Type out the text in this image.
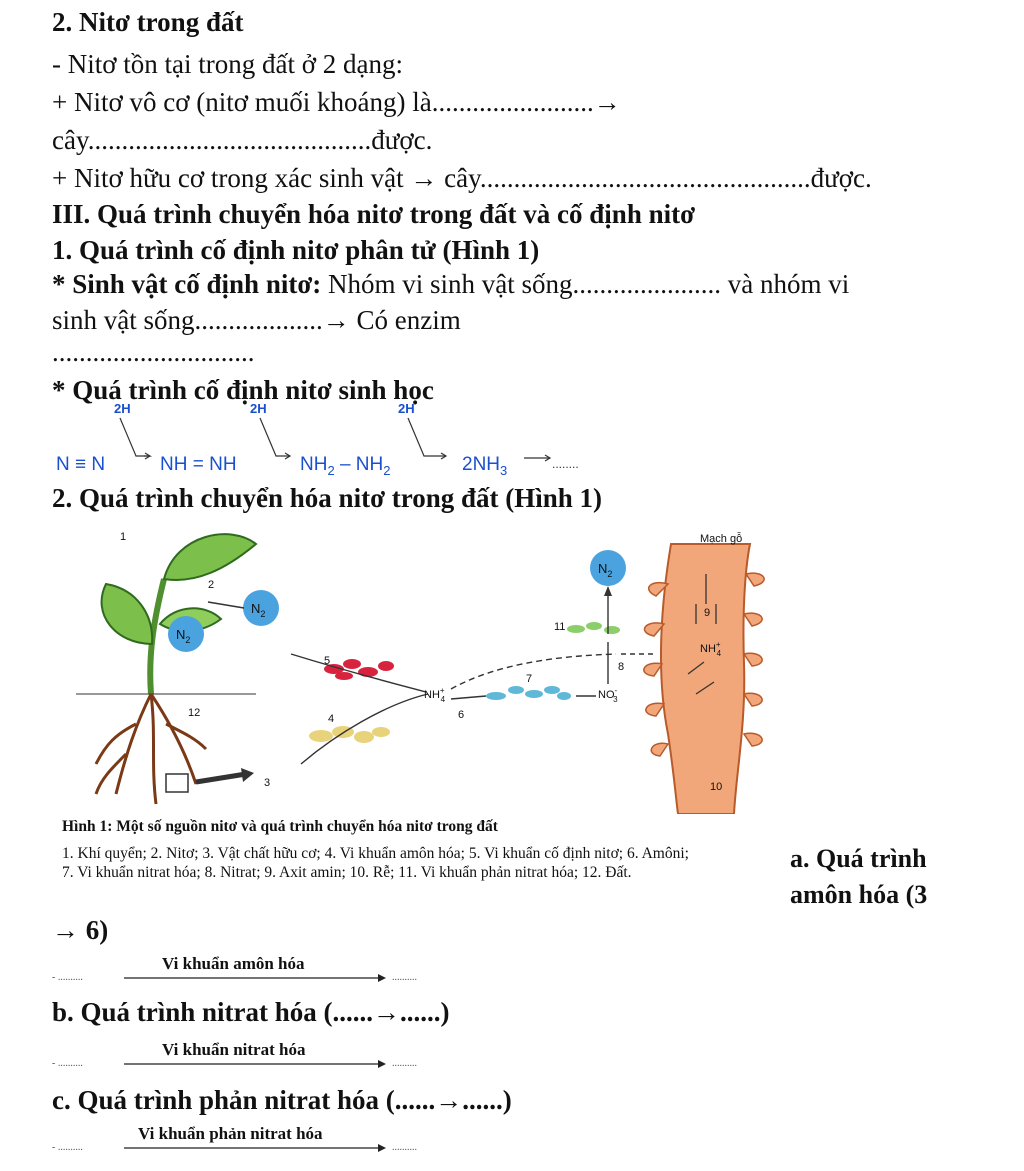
2. Nitơ trong đất
- Nitơ tồn tại trong đất ở 2 dạng:
+ Nitơ vô cơ (nitơ muối khoáng) là........................→
cây..........................................được.
+ Nitơ hữu cơ trong xác sinh vật → cây.................................................được.
III. Quá trình chuyển hóa nitơ trong đất và cố định nitơ
1. Quá trình cố định nitơ phân tử (Hình 1)
* Sinh vật cố định nitơ: Nhóm vi sinh vật sống...................... và nhóm vi
sinh vật sống...................→ Có enzim
..............................
* Quá trình cố định nitơ sinh học
2H	2H	2H
N ≡ N	NH = NH	$NH_2 - NH_2$	$2NH_3$	........
2. Quá trình chuyển hóa nitơ trong đất (Hình 1)
$N_2$
$N_2$
$N_2$
1
2
3
4
5
6
7
8
9
10
11
12
Mạch gỗ
NH+ 4	NO-3
NH+ 4
Hình 1: Một số nguồn nitơ và quá trình chuyển hóa nitơ trong đất
1. Khí quyển; 2. Nitơ; 3. Vật chất hữu cơ; 4. Vi khuẩn amôn hóa; 5. Vi khuẩn cố định nitơ; 6. Amôni;
7. Vi khuẩn nitrat hóa; 8. Nitrat; 9. Axit amin; 10. Rễ; 11. Vi khuẩn phản nitrat hóa; 12. Đất.	a. Quá trình
amôn hóa (3
→ 6)
Vi khuẩn amôn hóa
- ..........	..........
b. Quá trình nitrat hóa (......→......)
Vi khuẩn nitrat hóa
- ..........	..........
c. Quá trình phản nitrat hóa (......→......)
Vi khuẩn phản nitrat hóa
- ..........	..........
